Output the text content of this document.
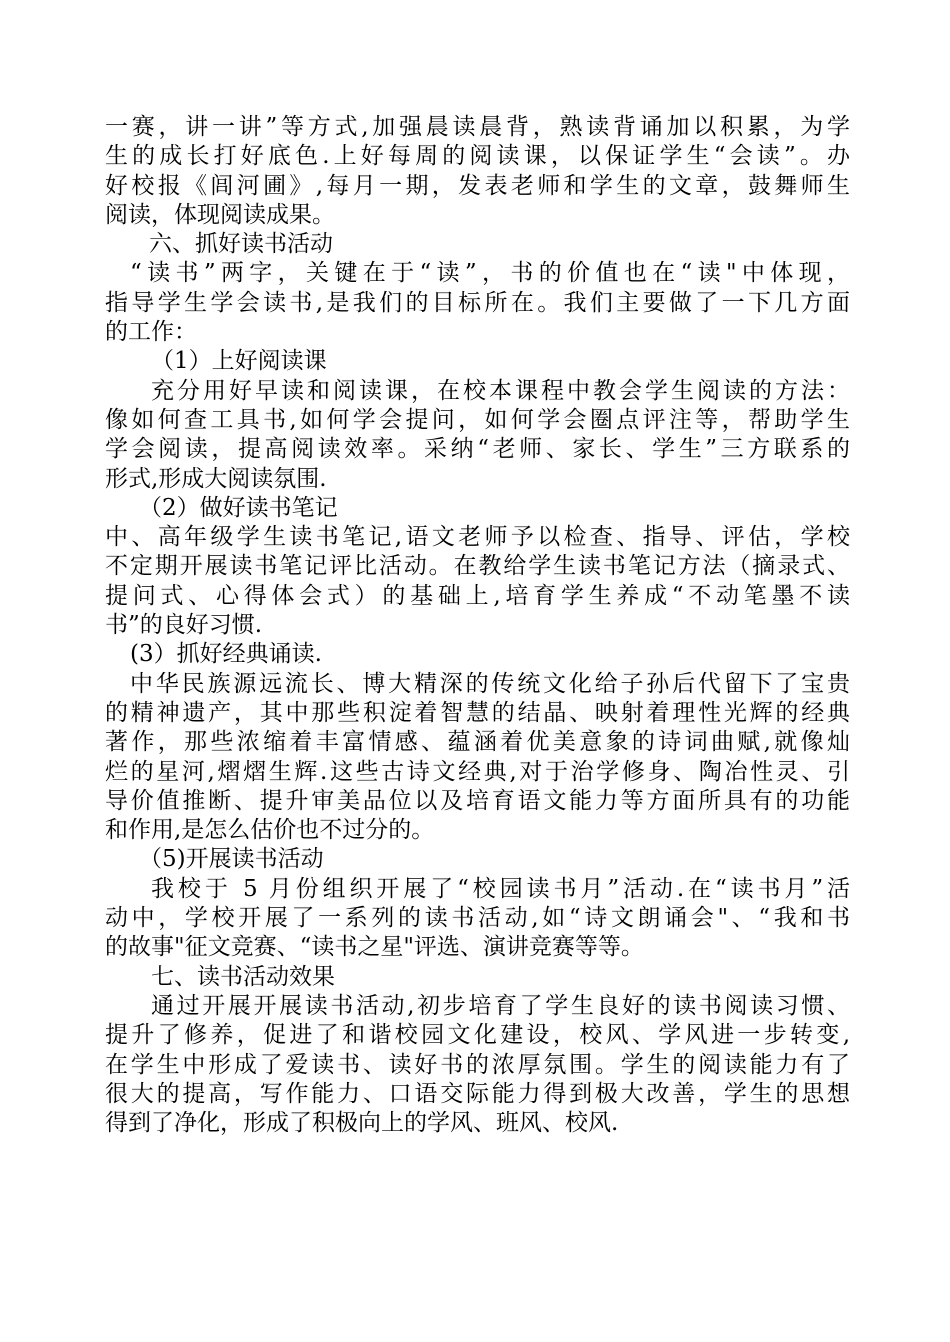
一赛，讲一讲”等方式,加强晨读晨背，熟读背诵加以积累，为学
生的成长打好底色.上好每周的阅读课，以保证学生“会读”。办
好校报《闾河圃》,每月一期，发表老师和学生的文章，鼓舞师生
阅读，体现阅读成果。
六、抓好读书活动
“读书”两字，关键在于“读”，书的价值也在“读"中体现，
指导学生学会读书,是我们的目标所在。我们主要做了一下几方面
的工作：
（1）上好阅读课
充分用好早读和阅读课，在校本课程中教会学生阅读的方法：
像如何查工具书,如何学会提问，如何学会圈点评注等，帮助学生
学会阅读，提高阅读效率。采纳“老师、家长、学生”三方联系的
形式,形成大阅读氛围.
（2）做好读书笔记
中、高年级学生读书笔记,语文老师予以检查、指导、评估，学校
不定期开展读书笔记评比活动。在教给学生读书笔记方法（摘录式、
提问式、心得体会式）的基础上,培育学生养成“不动笔墨不读
书”的良好习惯.
(3）抓好经典诵读.
中华民族源远流长、博大精深的传统文化给子孙后代留下了宝贵
的精神遗产，其中那些积淀着智慧的结晶、映射着理性光辉的经典
著作，那些浓缩着丰富情感、蕴涵着优美意象的诗词曲赋,就像灿
烂的星河,熠熠生辉.这些古诗文经典,对于治学修身、陶冶性灵、引
导价值推断、提升审美品位以及培育语文能力等方面所具有的功能
和作用,是怎么估价也不过分的。
（5)开展读书活动
我校于 5 月份组织开展了“校园读书月”活动.在“读书月”活
动中，学校开展了一系列的读书活动,如“诗文朗诵会"、“我和书
的故事"征文竞赛、“读书之星"评选、演讲竞赛等等。
七、读书活动效果
通过开展开展读书活动,初步培育了学生良好的读书阅读习惯、
提升了修养，促进了和谐校园文化建设，校风、学风进一步转变,
在学生中形成了爱读书、读好书的浓厚氛围。学生的阅读能力有了
很大的提高，写作能力、口语交际能力得到极大改善，学生的思想
得到了净化，形成了积极向上的学风、班风、校风.
